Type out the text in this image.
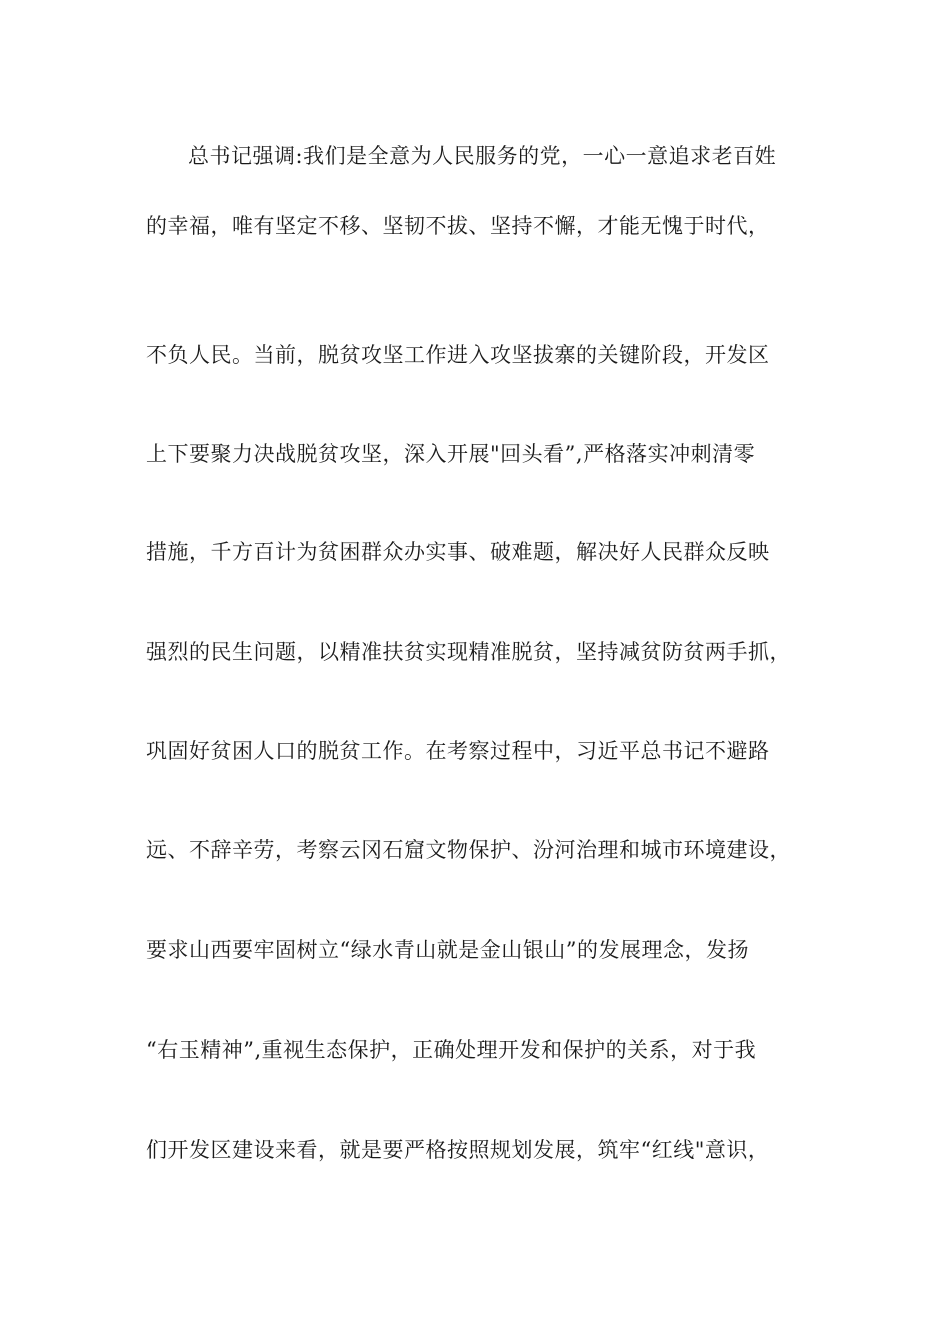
总书记强调:我们是全意为人民服务的党，一心一意追求老百姓
的幸福，唯有坚定不移、坚韧不拔、坚持不懈，才能无愧于时代，
不负人民。当前，脱贫攻坚工作进入攻坚拔寨的关键阶段，开发区
上下要聚力决战脱贫攻坚，深入开展"回头看”,严格落实冲刺清零
措施，千方百计为贫困群众办实事、破难题，解决好人民群众反映
强烈的民生问题，以精准扶贫实现精准脱贫，坚持减贫防贫两手抓，
巩固好贫困人口的脱贫工作。在考察过程中，习近平总书记不避路
远、不辞辛劳，考察云冈石窟文物保护、汾河治理和城市环境建设，
要求山西要牢固树立“绿水青山就是金山银山”的发展理念，发扬
“右玉精神”,重视生态保护，正确处理开发和保护的关系，对于我
们开发区建设来看，就是要严格按照规划发展，筑牢“红线"意识，
